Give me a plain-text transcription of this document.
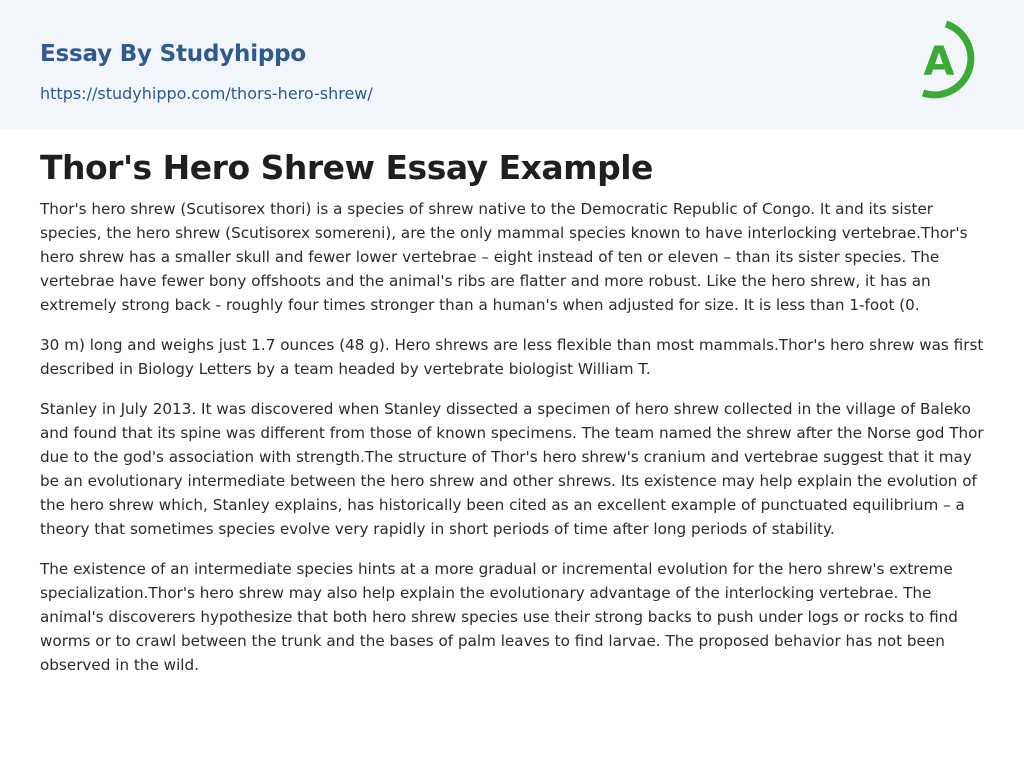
Essay By Studyhippo
https://studyhippo.com/thors-hero-shrew/
A
Thor's Hero Shrew Essay Example

Thor's hero shrew (Scutisorex thori) is a species of shrew native to the Democratic Republic of Congo. It and its sister species, the hero shrew (Scutisorex somereni), are the only mammal species known to have interlocking vertebrae.Thor's hero shrew has a smaller skull and fewer lower vertebrae – eight instead of ten or eleven – than its sister species. The vertebrae have fewer bony offshoots and the animal's ribs are flatter and more robust. Like the hero shrew, it has an extremely strong back - roughly four times stronger than a human's when adjusted for size. It is less than 1-foot (0.

30 m) long and weighs just 1.7 ounces (48 g). Hero shrews are less flexible than most mammals.Thor's hero shrew was first described in Biology Letters by a team headed by vertebrate biologist William T.

Stanley in July 2013. It was discovered when Stanley dissected a specimen of hero shrew collected in the village of Baleko and found that its spine was different from those of known specimens. The team named the shrew after the Norse god Thor due to the god's association with strength.The structure of Thor's hero shrew's cranium and vertebrae suggest that it may be an evolutionary intermediate between the hero shrew and other shrews. Its existence may help explain the evolution of the hero shrew which, Stanley explains, has historically been cited as an excellent example of punctuated equilibrium – a theory that sometimes species evolve very rapidly in short periods of time after long periods of stability.

The existence of an intermediate species hints at a more gradual or incremental evolution for the hero shrew's extreme specialization.Thor's hero shrew may also help explain the evolutionary advantage of the interlocking vertebrae. The animal's discoverers hypothesize that both hero shrew species use their strong backs to push under logs or rocks to find worms or to crawl between the trunk and the bases of palm leaves to find larvae. The proposed behavior has not been observed in the wild.
